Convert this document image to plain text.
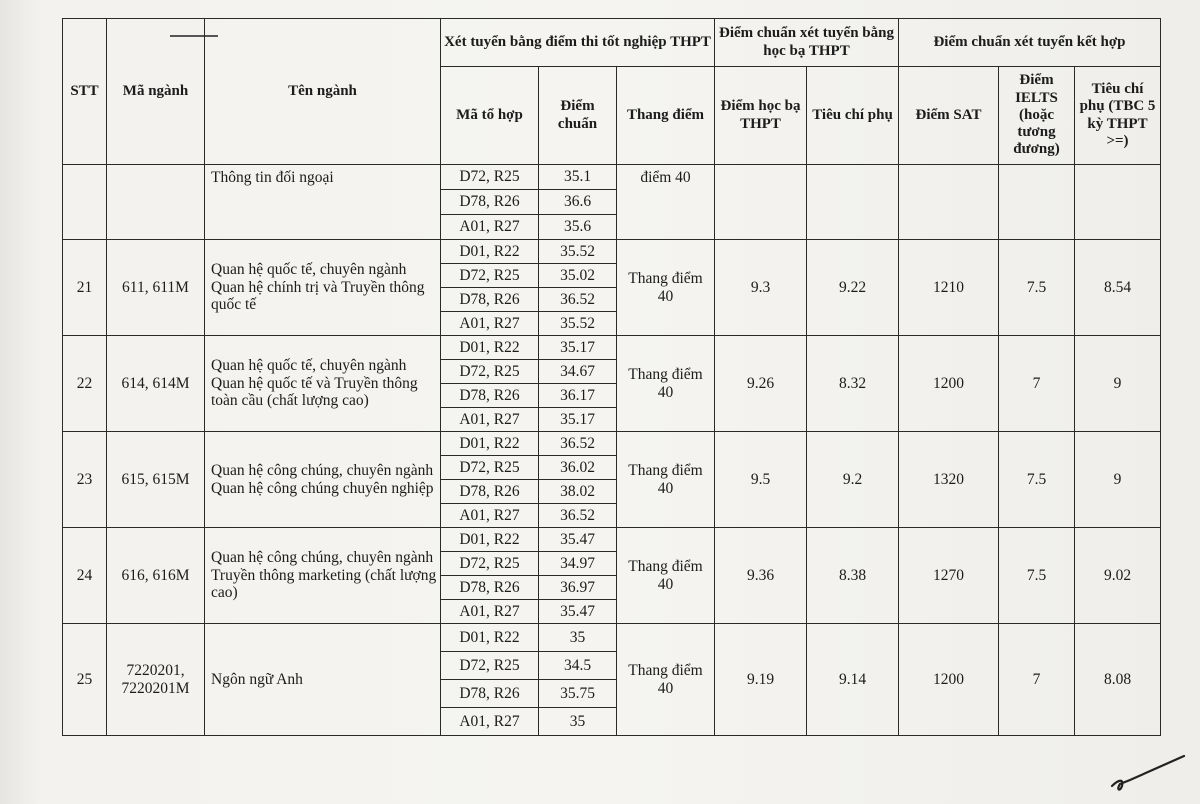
STT	Mã ngành	Tên ngành	Xét tuyển bằng điểm thi tốt nghiệp THPT			Điểm chuẩn xét tuyển bằng học bạ THPT		Điểm chuẩn xét tuyển kết hợp		
			Mã tổ hợp	Điểm chuẩn	Thang điểm	Điểm học bạ THPT	Tiêu chí phụ	Điểm SAT	Điểm IELTS (hoặc tương đương)	Tiêu chí phụ (TBC 5 kỳ THPT >=)
		Thông tin đối ngoại	D72, R25	35.1	điểm 40					
			D78, R26	36.6						
			A01, R27	35.6						
21	611, 611M	Quan hệ quốc tế, chuyên ngành Quan hệ chính trị và Truyền thông quốc tế	D01, R22	35.52	Thang điểm 40	9.3	9.22	1210	7.5	8.54
			D72, R25	35.02						
			D78, R26	36.52						
			A01, R27	35.52						
22	614, 614M	Quan hệ quốc tế, chuyên ngành Quan hệ quốc tế và Truyền thông toàn cầu (chất lượng cao)	D01, R22	35.17	Thang điểm 40	9.26	8.32	1200	7	9
			D72, R25	34.67						
			D78, R26	36.17						
			A01, R27	35.17						
23	615, 615M	Quan hệ công chúng, chuyên ngành Quan hệ công chúng chuyên nghiệp	D01, R22	36.52	Thang điểm 40	9.5	9.2	1320	7.5	9
			D72, R25	36.02						
			D78, R26	38.02						
			A01, R27	36.52						
24	616, 616M	Quan hệ công chúng, chuyên ngành Truyền thông marketing (chất lượng cao)	D01, R22	35.47	Thang điểm 40	9.36	8.38	1270	7.5	9.02
			D72, R25	34.97						
			D78, R26	36.97						
			A01, R27	35.47						
25	7220201, 7220201M	Ngôn ngữ Anh	D01, R22	35	Thang điểm 40	9.19	9.14	1200	7	8.08
			D72, R25	34.5						
			D78, R26	35.75						
			A01, R27	35						
